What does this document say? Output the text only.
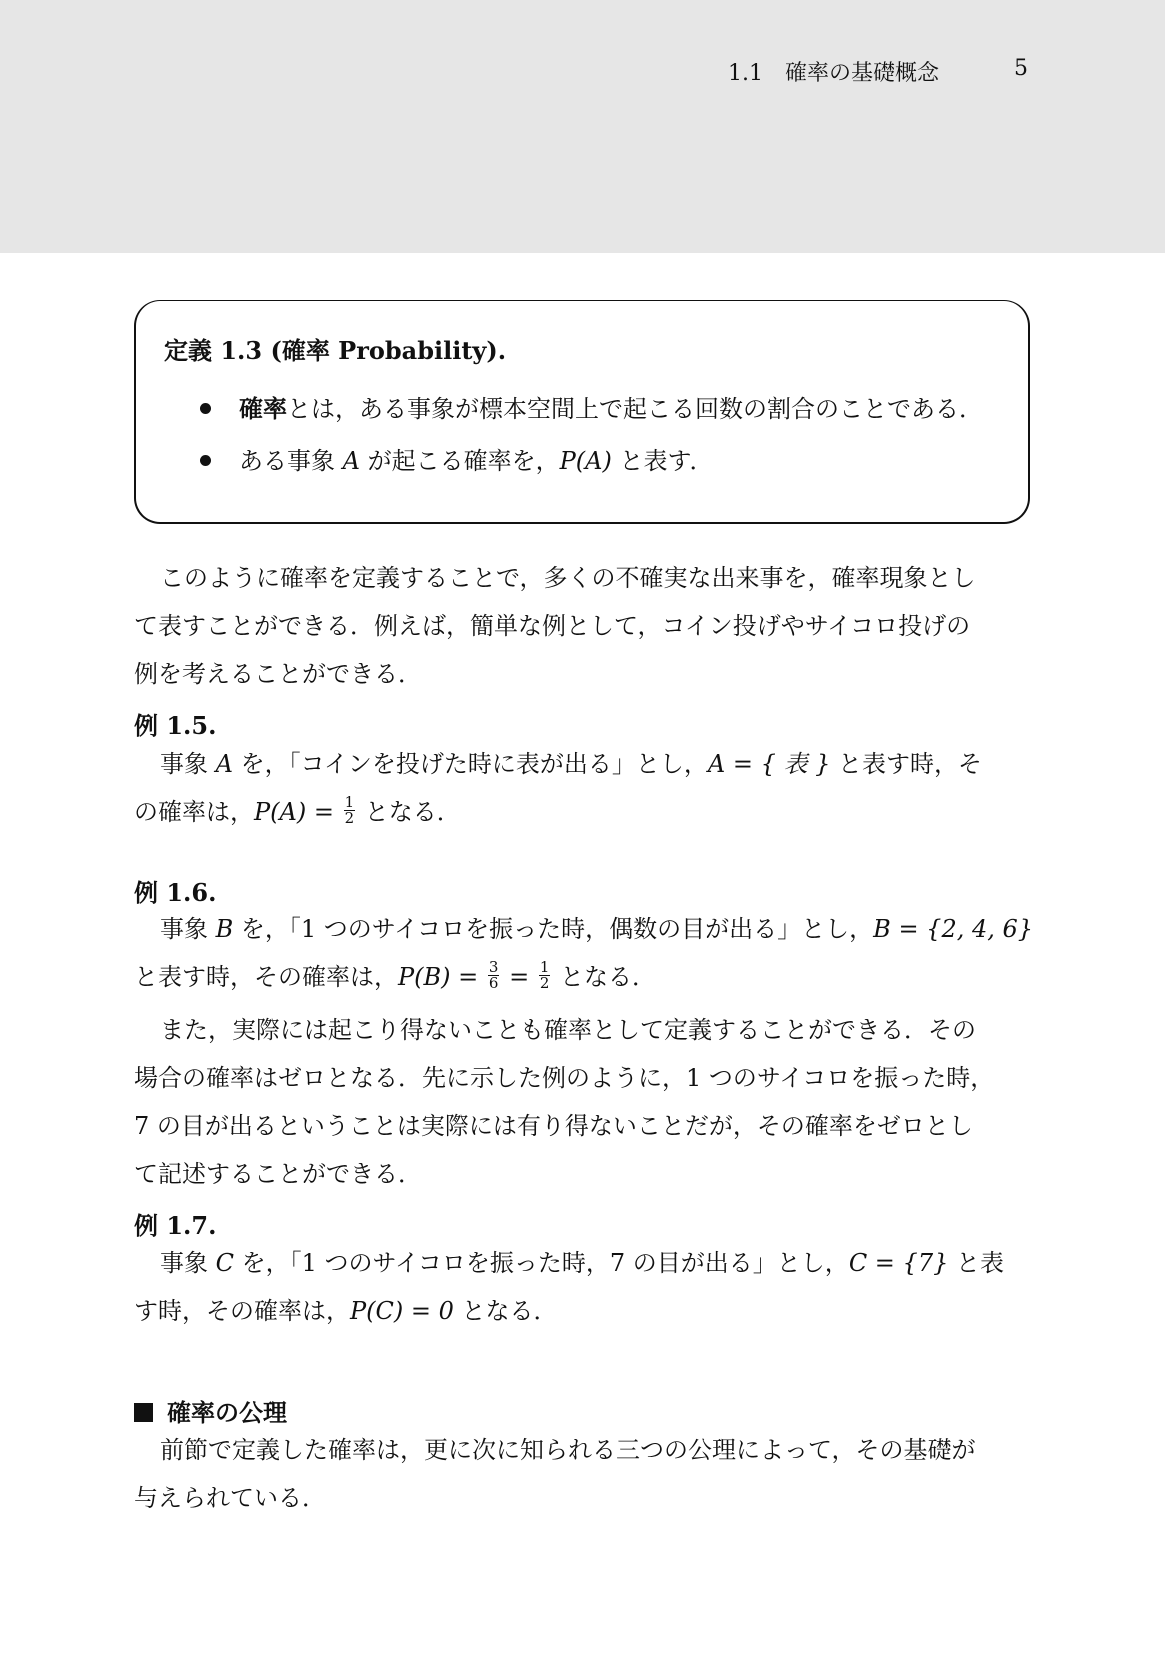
1.1　確率の基礎概念	5
定義 1.3 (確率 Probability).
確率とは，ある事象が標本空間上で起こる回数の割合のことである．
ある事象 A が起こる確率を，P(A) と表す．

このように確率を定義することで，多くの不確実な出来事を，確率現象とし
て表すことができる．例えば，簡単な例として，コイン投げやサイコロ投げの
例を考えることができる．

例 1.5.

事象 A を，「コインを投げた時に表が出る」とし，A = { 表 } と表す時，そ
の確率は，$P(A) = \frac{1}{2}$ となる．

例 1.6.

事象 B を，「1 つのサイコロを振った時，偶数の目が出る」とし，B = {2, 4, 6}
と表す時，その確率は，$P(B) = \frac{3}{6} = \frac{1}{2}$ となる．

また，実際には起こり得ないことも確率として定義することができる．その
場合の確率はゼロとなる．先に示した例のように，1 つのサイコロを振った時，
7 の目が出るということは実際には有り得ないことだが，その確率をゼロとし
て記述することができる．

例 1.7.

事象 C を，「1 つのサイコロを振った時，7 の目が出る」とし，C = {7} と表
す時，その確率は，P(C) = 0 となる．

確率の公理

前節で定義した確率は，更に次に知られる三つの公理によって，その基礎が
与えられている．
